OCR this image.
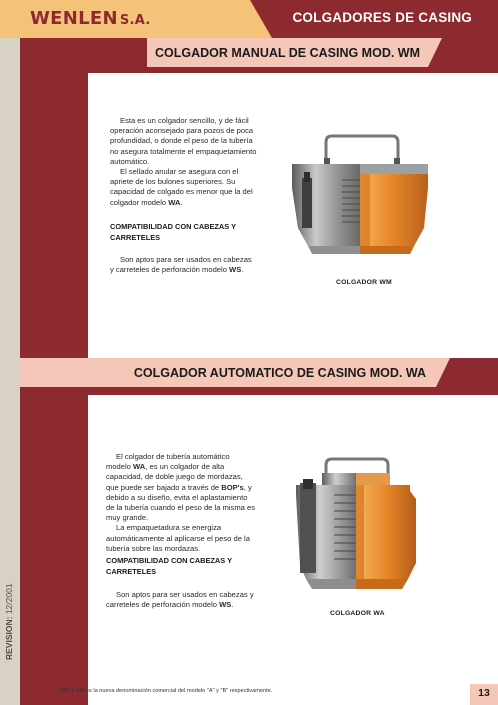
WENLEN S.A.	COLGADORES DE CASING
COLGADOR MANUAL DE CASING MOD. WM

Esta es un colgador sencillo, y de fácil operación aconsejado para pozos de poca profundidad, o donde el peso de la tubería no asegura totalmente el empaquetamiento automático.

El sellado anular se asegura con el apriete de los bulones superiores. Su capacidad de colgado es menor que la del colgador modelo WA.

COMPATIBILIDAD CON CABEZAS Y CARRETELES

Son aptos para ser usados en cabezas y carreteles de perforación modelo WS.

COLGADOR WM
COLGADOR AUTOMATICO DE CASING MOD. WA

El colgador de tubería automático modelo WA, es un colgador de alta capacidad, de doble juego de mordazas, que puede ser bajado a través de BOP's, y debido a su diseño, evita el aplastamiento de la tubería cuando el peso de la misma es muy grande.

La empaquetadura se energiza automáticamente al aplicarse el peso de la tubería sobre las mordazas.

COMPATIBILIDAD CON CABEZAS Y CARRETELES

Son aptos para ser usados en cabezas y carreteles de perforación modelo WS.

COLGADOR WA
REVISION: 12/2001
WM y WA es la nueva denominación comercial del modelo "A" y "B" respectivamente.	13
